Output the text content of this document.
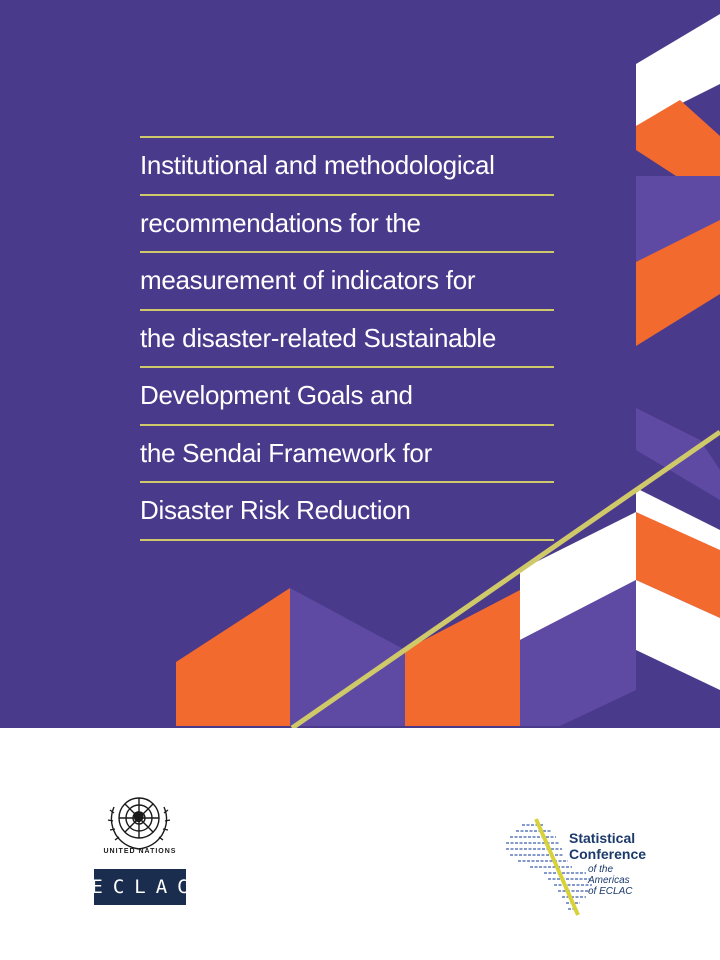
Institutional and methodological
recommendations for the
measurement of indicators for
the disaster-related Sustainable
Development Goals and
the Sendai Framework for
Disaster Risk Reduction
UNITED NATIONS
ECLAC
Statistical
Conference
of the
Americas
of ECLAC
